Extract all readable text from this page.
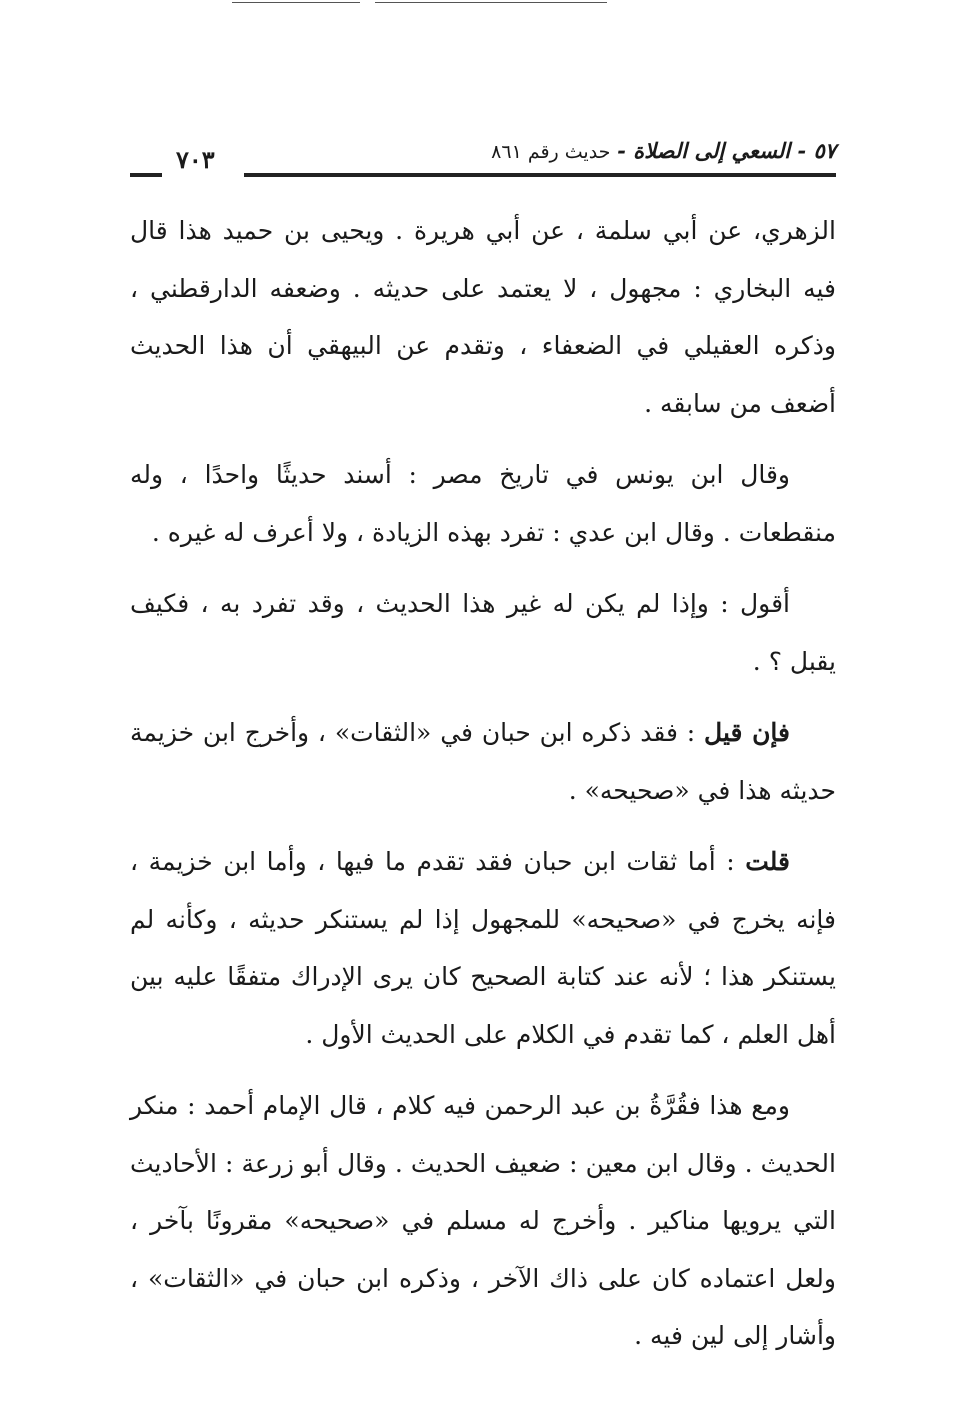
٥٧ - السعي إلى الصلاة - حديث رقم ٨٦١
٧٠٣

الزهري، عن أبي سلمة ، عن أبي هريرة . ويحيى بن حميد هذا قال فيه البخاري : مجهول ، لا يعتمد على حديثه . وضعفه الدارقطني ، وذكره العقيلي في الضعفاء ، وتقدم عن البيهقي أن هذا الحديث أضعف من سابقه .

وقال ابن يونس في تاريخ مصر : أسند حديثًا واحدًا ، وله منقطعات . وقال ابن عدي : تفرد بهذه الزيادة ، ولا أعرف له غيره .

أقول : وإذا لم يكن له غير هذا الحديث ، وقد تفرد به ، فكيف يقبل ؟ .

فإن قيل : فقد ذكره ابن حبان في «الثقات» ، وأخرج ابن خزيمة حديثه هذا في «صحيحه» .

قلت : أما ثقات ابن حبان فقد تقدم ما فيها ، وأما ابن خزيمة ، فإنه يخرج في «صحيحه» للمجهول إذا لم يستنكر حديثه ، وكأنه لم يستنكر هذا ؛ لأنه عند كتابة الصحيح كان يرى الإدراك متفقًا عليه بين أهل العلم ، كما تقدم في الكلام على الحديث الأول .

ومع هذا فقُرَّةُ بن عبد الرحمن فيه كلام ، قال الإمام أحمد : منكر الحديث . وقال ابن معين : ضعيف الحديث . وقال أبو زرعة : الأحاديث التي يرويها مناكير . وأخرج له مسلم في «صحيحه» مقرونًا بآخر ، ولعل اعتماده كان على ذاك الآخر ، وذكره ابن حبان في «الثقات» ، وأشار إلى لين فيه .
